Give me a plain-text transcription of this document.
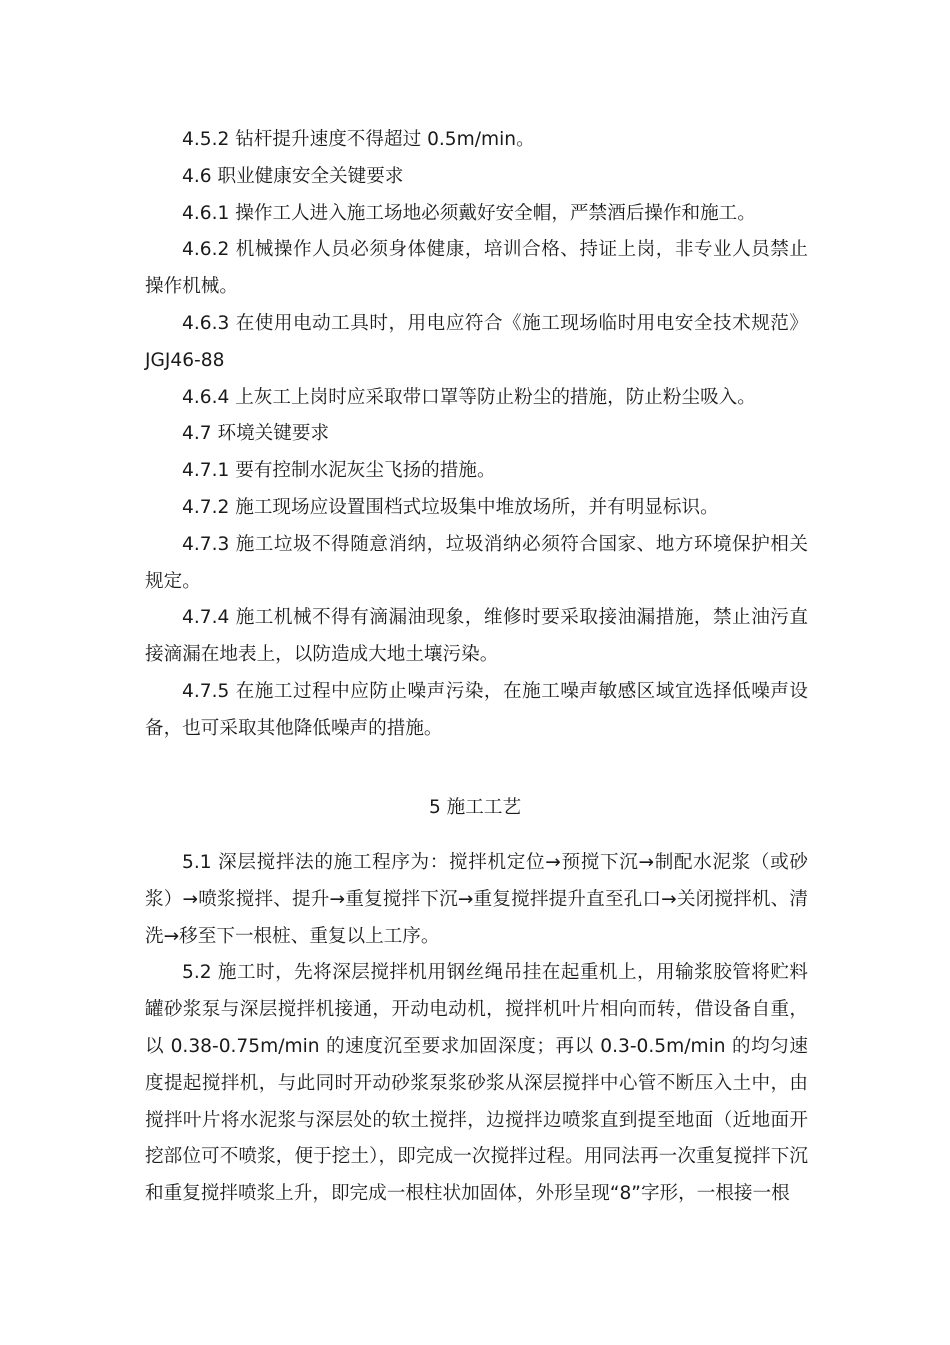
4.5.2 钻杆提升速度不得超过 0.5m/min。

4.6 职业健康安全关键要求

4.6.1 操作工人进入施工场地必须戴好安全帽，严禁酒后操作和施工。

4.6.2 机械操作人员必须身体健康，培训合格、持证上岗，非专业人员禁止操作机械。

4.6.3 在使用电动工具时，用电应符合《施工现场临时用电安全技术规范》JGJ46-88

4.6.4 上灰工上岗时应采取带口罩等防止粉尘的措施，防止粉尘吸入。

4.7 环境关键要求

4.7.1 要有控制水泥灰尘飞扬的措施。

4.7.2 施工现场应设置围档式垃圾集中堆放场所，并有明显标识。

4.7.3 施工垃圾不得随意消纳，垃圾消纳必须符合国家、地方环境保护相关规定。

4.7.4 施工机械不得有滴漏油现象，维修时要采取接油漏措施，禁止油污直接滴漏在地表上，以防造成大地土壤污染。

4.7.5 在施工过程中应防止噪声污染，在施工噪声敏感区域宜选择低噪声设备，也可采取其他降低噪声的措施。

5 施工工艺

5.1 深层搅拌法的施工程序为：搅拌机定位→预搅下沉→制配水泥浆（或砂浆）→喷浆搅拌、提升→重复搅拌下沉→重复搅拌提升直至孔口→关闭搅拌机、清洗→移至下一根桩、重复以上工序。

5.2 施工时，先将深层搅拌机用钢丝绳吊挂在起重机上，用输浆胶管将贮料罐砂浆泵与深层搅拌机接通，开动电动机，搅拌机叶片相向而转，借设备自重，以 0.38-0.75m/min 的速度沉至要求加固深度；再以 0.3-0.5m/min 的均匀速度提起搅拌机，与此同时开动砂浆泵浆砂浆从深层搅拌中心管不断压入土中，由搅拌叶片将水泥浆与深层处的软土搅拌，边搅拌边喷浆直到提至地面（近地面开挖部位可不喷浆，便于挖土），即完成一次搅拌过程。用同法再一次重复搅拌下沉和重复搅拌喷浆上升，即完成一根柱状加固体，外形呈现“8”字形，一根接一根
